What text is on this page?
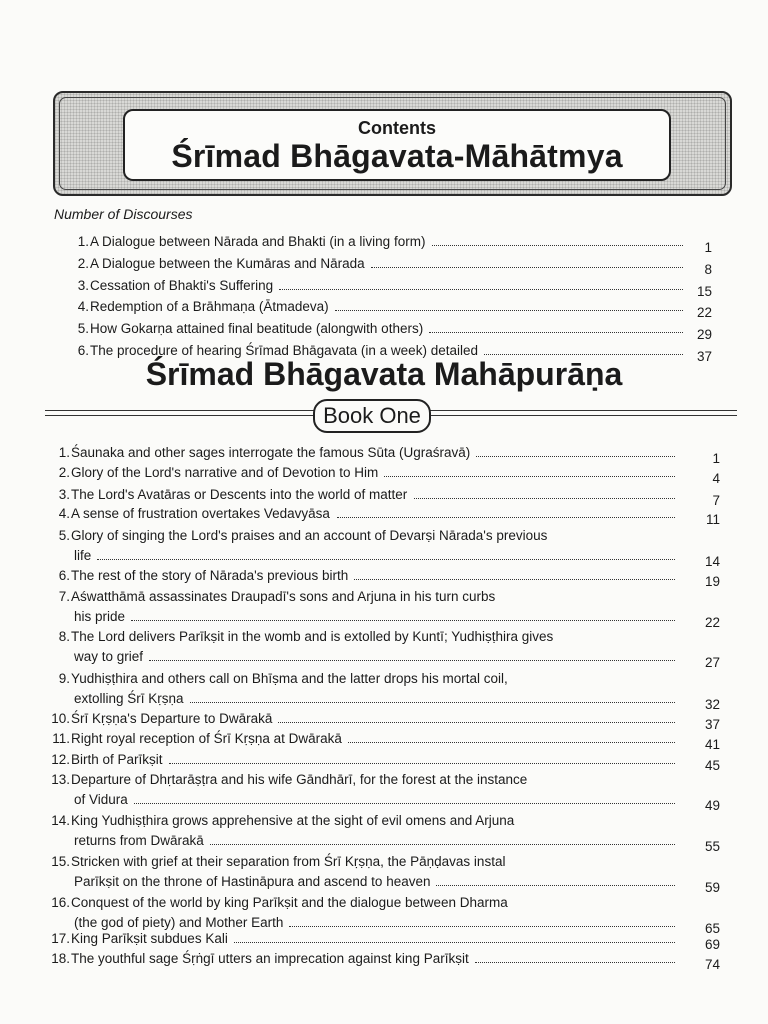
Contents
Śrīmad Bhāgavata-Māhātmya
Number of Discourses
1. A Dialogue between Nārada and Bhakti (in a living form)	1
2. A Dialogue between the Kumāras and Nārada	8
3. Cessation of Bhakti's Suffering	15
4. Redemption of a Brāhmaṇa (Ātmadeva)	22
5. How Gokarṇa attained final beatitude (alongwith others)	29
6. The procedure of hearing Śrīmad Bhāgavata (in a week) detailed	37
Śrīmad Bhāgavata Mahāpurāṇa
Book One
1. Śaunaka and other sages interrogate the famous Sūta (Ugraśravā)	1
2. Glory of the Lord's narrative and of Devotion to Him	4
3. The Lord's Avatāras or Descents into the world of matter	7
4. A sense of frustration overtakes Vedavyāsa	11
5. Glory of singing the Lord's praises and an account of Devarṣi Nārada's previous
life	14
6. The rest of the story of Nārada's previous birth	19
7. Aśwatthāmā assassinates Draupadī's sons and Arjuna in his turn curbs
his pride	22
8. The Lord delivers Parīkṣit in the womb and is extolled by Kuntī; Yudhiṣṭhira gives
way to grief	27
9. Yudhiṣṭhira and others call on Bhīṣma and the latter drops his mortal coil,
extolling Śrī Kṛṣṇa	32
10. Śrī Kṛṣṇa's Departure to Dwārakā	37
11. Right royal reception of Śrī Kṛṣṇa at Dwārakā	41
12. Birth of Parīkṣit	45
13. Departure of Dhṛtarāṣṭra and his wife Gāndhārī, for the forest at the instance
of Vidura	49
14. King Yudhiṣṭhira grows apprehensive at the sight of evil omens and Arjuna
returns from Dwārakā	55
15. Stricken with grief at their separation from Śrī Kṛṣṇa, the Pāṇḍavas instal
Parīkṣit on the throne of Hastināpura and ascend to heaven	59
16. Conquest of the world by king Parīkṣit and the dialogue between Dharma
(the god of piety) and Mother Earth	65
17. King Parīkṣit subdues Kali	69
18. The youthful sage Śṛṅgī utters an imprecation against king Parīkṣit	74
